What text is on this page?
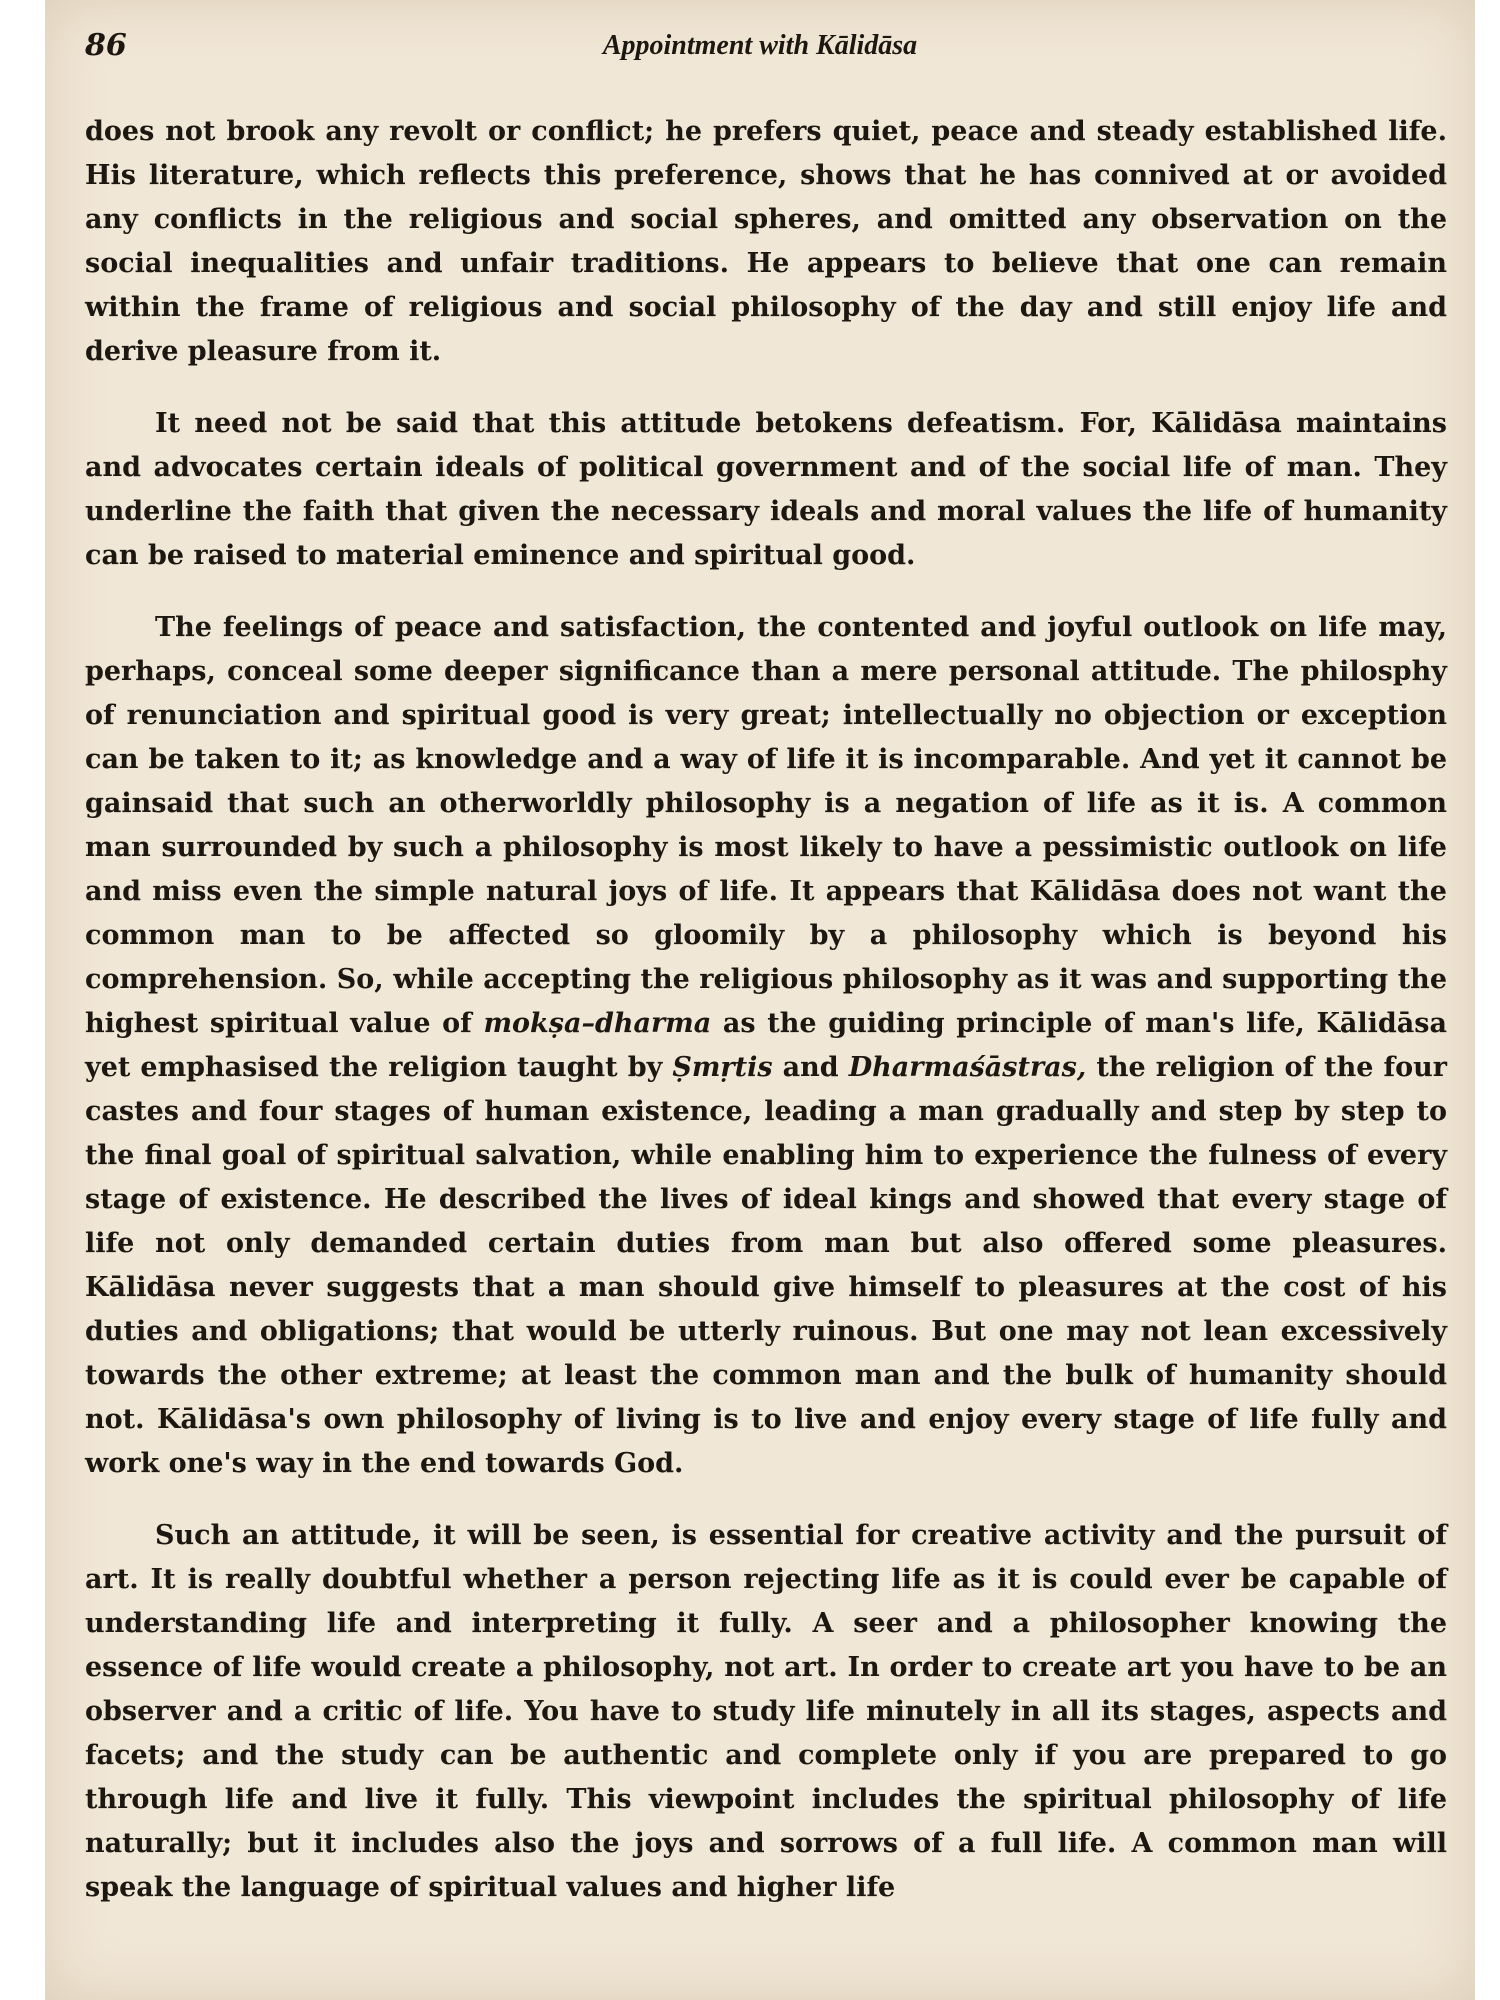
86	Appointment with Kālidāsa

does not brook any revolt or conflict; he prefers quiet, peace and steady established life. His literature, which reflects this preference, shows that he has connived at or avoided any conflicts in the religious and social spheres, and omitted any observation on the social inequalities and unfair traditions. He appears to believe that one can remain within the frame of religious and social philosophy of the day and still enjoy life and derive pleasure from it.

It need not be said that this attitude betokens defeatism. For, Kālidāsa maintains and advocates certain ideals of political government and of the social life of man. They underline the faith that given the necessary ideals and moral values the life of humanity can be raised to material eminence and spiritual good.

The feelings of peace and satisfaction, the contented and joyful outlook on life may, perhaps, conceal some deeper significance than a mere personal attitude. The philosphy of renunciation and spiritual good is very great; intellectually no objection or exception can be taken to it; as knowledge and a way of life it is incomparable. And yet it cannot be gainsaid that such an otherworldly philosophy is a negation of life as it is. A common man surrounded by such a philosophy is most likely to have a pessimistic outlook on life and miss even the simple natural joys of life. It appears that Kālidāsa does not want the common man to be affected so gloomily by a philosophy which is beyond his comprehension. So, while accepting the religious philosophy as it was and supporting the highest spiritual value of mokṣa–dharma as the guiding principle of man's life, Kālidāsa yet emphasised the religion taught by Ṣmṛtis and Dharmaśāstras, the religion of the four castes and four stages of human existence, leading a man gradually and step by step to the final goal of spiritual salvation, while enabling him to experience the fulness of every stage of existence. He described the lives of ideal kings and showed that every stage of life not only demanded certain duties from man but also offered some pleasures. Kālidāsa never suggests that a man should give himself to pleasures at the cost of his duties and obligations; that would be utterly ruinous. But one may not lean excessively towards the other extreme; at least the common man and the bulk of humanity should not. Kālidāsa's own philosophy of living is to live and enjoy every stage of life fully and work one's way in the end towards God.

Such an attitude, it will be seen, is essential for creative activity and the pursuit of art. It is really doubtful whether a person rejecting life as it is could ever be capable of understanding life and interpreting it fully. A seer and a philosopher knowing the essence of life would create a philosophy, not art. In order to create art you have to be an observer and a critic of life. You have to study life minutely in all its stages, aspects and facets; and the study can be authentic and complete only if you are prepared to go through life and live it fully. This viewpoint includes the spiritual philosophy of life naturally; but it includes also the joys and sorrows of a full life. A common man will speak the language of spiritual values and higher life
